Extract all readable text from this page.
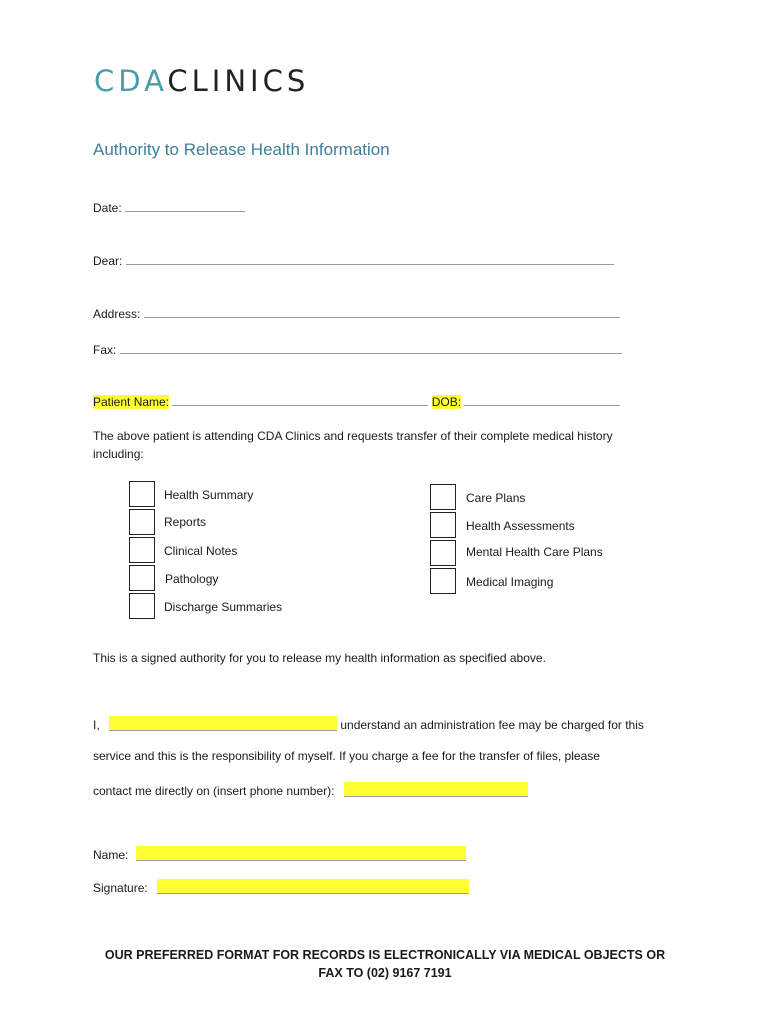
CDACLINICS
Authority to Release Health Information
Date:
Dear:
Address:
Fax:
Patient Name:	DOB:
The above patient is attending CDA Clinics and requests transfer of their complete medical history
including:
Health Summary
Reports
Clinical Notes
Pathology
Discharge Summaries
Care Plans
Health Assessments
Mental Health Care Plans
Medical Imaging
This is a signed authority for you to release my health information as specified above.
I,	understand an administration fee may be charged for this
service and this is the responsibility of myself. If you charge a fee for the transfer of files, please
contact me directly on (insert phone number):
Name:
Signature:
OUR PREFERRED FORMAT FOR RECORDS IS ELECTRONICALLY VIA MEDICAL OBJECTS OR
FAX TO (02) 9167 7191
